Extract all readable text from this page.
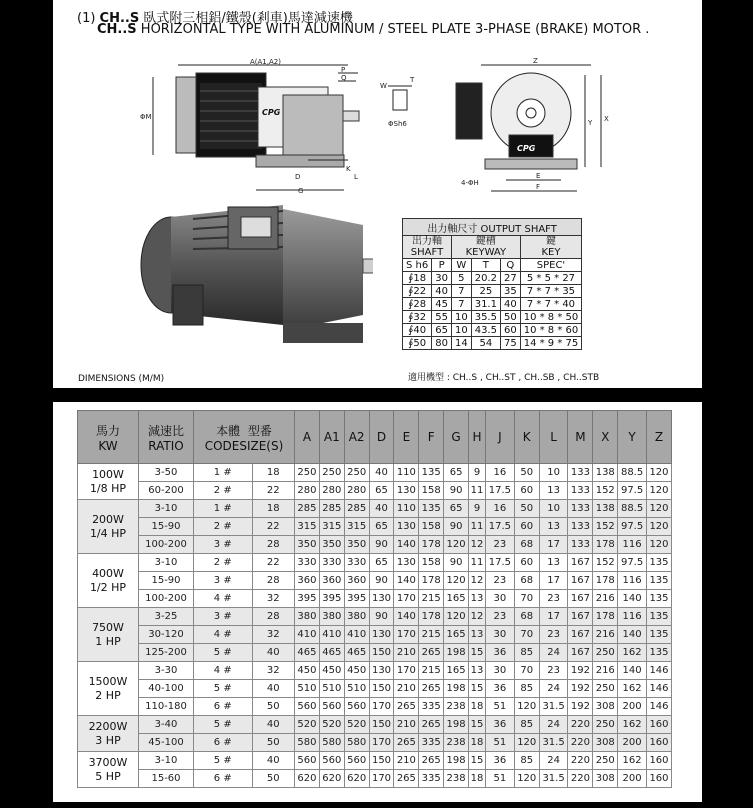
(1) CH..S 臥式附三相鋁/鐵殼(剎車)馬達減速機
CH..S HORIZONTAL TYPE WITH ALUMINUM / STEEL PLATE 3-PHASE (BRAKE) MOTOR .
A(A1,A2)
P
Q
CPG
ΦM
D
G
K
L
W
T
ΦSh6
Z
CPG
Y X
E
F
4-ΦH
出力軸尺寸 OUTPUT SHAFT					
出力軸
SHAFT		鍵槽
KEYWAY			鍵
KEY
S h6	P	W	T	Q	SPEC'
∮18	30	5	20.2	27	5 * 5 * 27
∮22	40	7	25	35	7 * 7 * 35
∮28	45	7	31.1	40	7 * 7 * 40
∮32	55	10	35.5	50	10 * 8 * 50
∮40	65	10	43.5	60	10 * 8 * 60
∮50	80	14	54	75	14 * 9 * 75
適用機型 : CH..S , CH..ST , CH..SB , CH..STB
DIMENSIONS (M/M)
馬力
KW	減速比
RATIO	本體 型番
CODESIZE(S)		A	A1	A2	D	E	F	G	H	J	K	L	M	X	Y	Z
100W
1/8 HP	3-50	1 #	18	250	250	250	40	110	135	65	9	16	50	10	133	138	88.5	120
	60-200	2 #	22	280	280	280	65	130	158	90	11	17.5	60	13	133	152	97.5	120
200W
1/4 HP	3-10	1 #	18	285	285	285	40	110	135	65	9	16	50	10	133	138	88.5	120
	15-90	2 #	22	315	315	315	65	130	158	90	11	17.5	60	13	133	152	97.5	120
	100-200	3 #	28	350	350	350	90	140	178	120	12	23	68	17	133	178	116	120
400W
1/2 HP	3-10	2 #	22	330	330	330	65	130	158	90	11	17.5	60	13	167	152	97.5	135
	15-90	3 #	28	360	360	360	90	140	178	120	12	23	68	17	167	178	116	135
	100-200	4 #	32	395	395	395	130	170	215	165	13	30	70	23	167	216	140	135
750W
1 HP	3-25	3 #	28	380	380	380	90	140	178	120	12	23	68	17	167	178	116	135
	30-120	4 #	32	410	410	410	130	170	215	165	13	30	70	23	167	216	140	135
	125-200	5 #	40	465	465	465	150	210	265	198	15	36	85	24	167	250	162	135
1500W
2 HP	3-30	4 #	32	450	450	450	130	170	215	165	13	30	70	23	192	216	140	146
	40-100	5 #	40	510	510	510	150	210	265	198	15	36	85	24	192	250	162	146
	110-180	6 #	50	560	560	560	170	265	335	238	18	51	120	31.5	192	308	200	146
2200W
3 HP	3-40	5 #	40	520	520	520	150	210	265	198	15	36	85	24	220	250	162	160
	45-100	6 #	50	580	580	580	170	265	335	238	18	51	120	31.5	220	308	200	160
3700W
5 HP	3-10	5 #	40	560	560	560	150	210	265	198	15	36	85	24	220	250	162	160
	15-60	6 #	50	620	620	620	170	265	335	238	18	51	120	31.5	220	308	200	160
